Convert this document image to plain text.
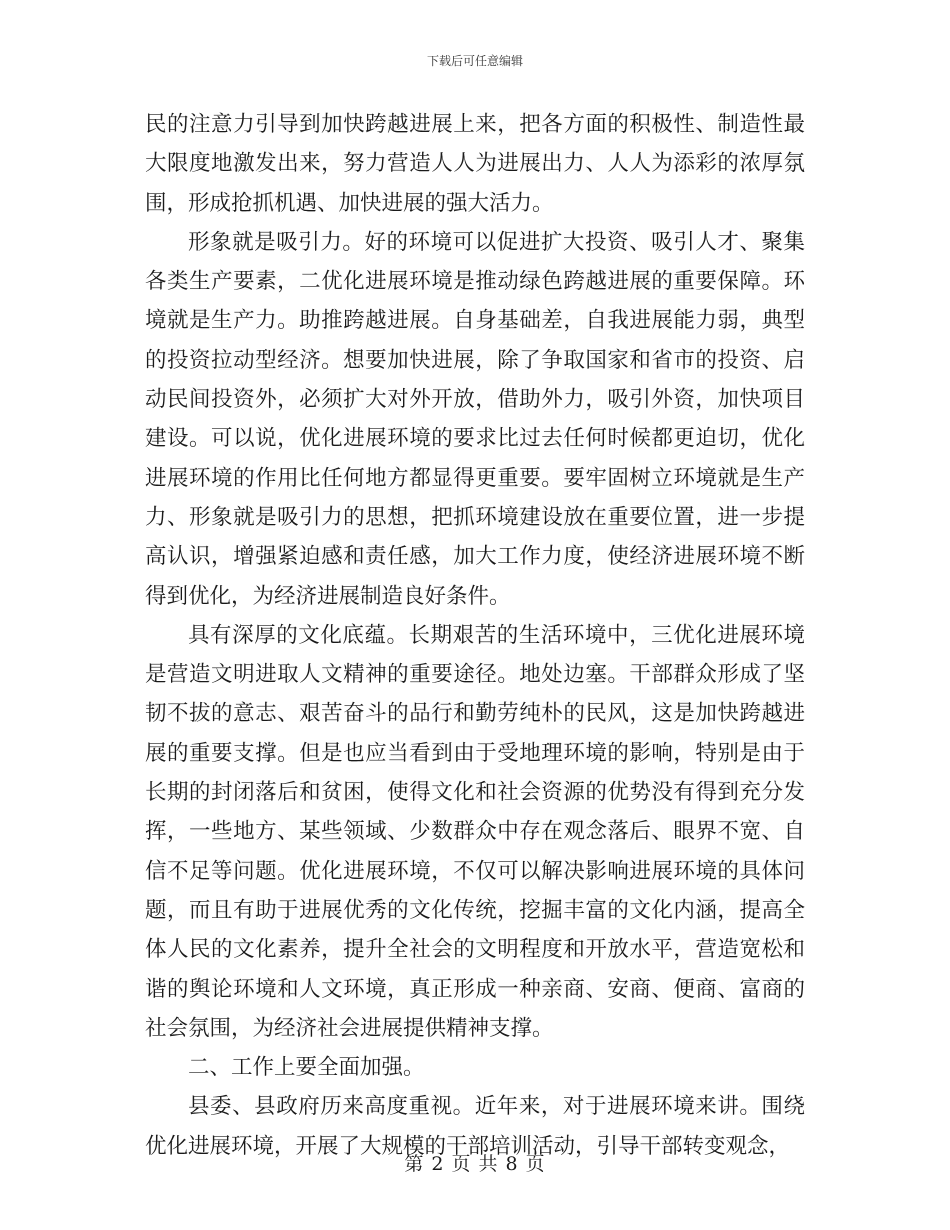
下载后可任意编辑

民的注意力引导到加快跨越进展上来，把各方面的积极性、制造性最大限度地激发出来，努力营造人人为进展出力、人人为添彩的浓厚氛围，形成抢抓机遇、加快进展的强大活力。

形象就是吸引力。好的环境可以促进扩大投资、吸引人才、聚集各类生产要素，二优化进展环境是推动绿色跨越进展的重要保障。环境就是生产力。助推跨越进展。自身基础差，自我进展能力弱，典型的投资拉动型经济。想要加快进展，除了争取国家和省市的投资、启动民间投资外，必须扩大对外开放，借助外力，吸引外资，加快项目建设。可以说，优化进展环境的要求比过去任何时候都更迫切，优化进展环境的作用比任何地方都显得更重要。要牢固树立环境就是生产力、形象就是吸引力的思想，把抓环境建设放在重要位置，进一步提高认识，增强紧迫感和责任感，加大工作力度，使经济进展环境不断得到优化，为经济进展制造良好条件。

具有深厚的文化底蕴。长期艰苦的生活环境中，三优化进展环境是营造文明进取人文精神的重要途径。地处边塞。干部群众形成了坚韧不拔的意志、艰苦奋斗的品行和勤劳纯朴的民风，这是加快跨越进展的重要支撑。但是也应当看到由于受地理环境的影响，特别是由于长期的封闭落后和贫困，使得文化和社会资源的优势没有得到充分发挥，一些地方、某些领域、少数群众中存在观念落后、眼界不宽、自信不足等问题。优化进展环境，不仅可以解决影响进展环境的具体问题，而且有助于进展优秀的文化传统，挖掘丰富的文化内涵，提高全体人民的文化素养，提升全社会的文明程度和开放水平，营造宽松和谐的舆论环境和人文环境，真正形成一种亲商、安商、便商、富商的社会氛围，为经济社会进展提供精神支撑。

二、工作上要全面加强。

县委、县政府历来高度重视。近年来，对于进展环境来讲。围绕优化进展环境，开展了大规模的干部培训活动，引导干部转变观念，

第 2 页 共 8 页
